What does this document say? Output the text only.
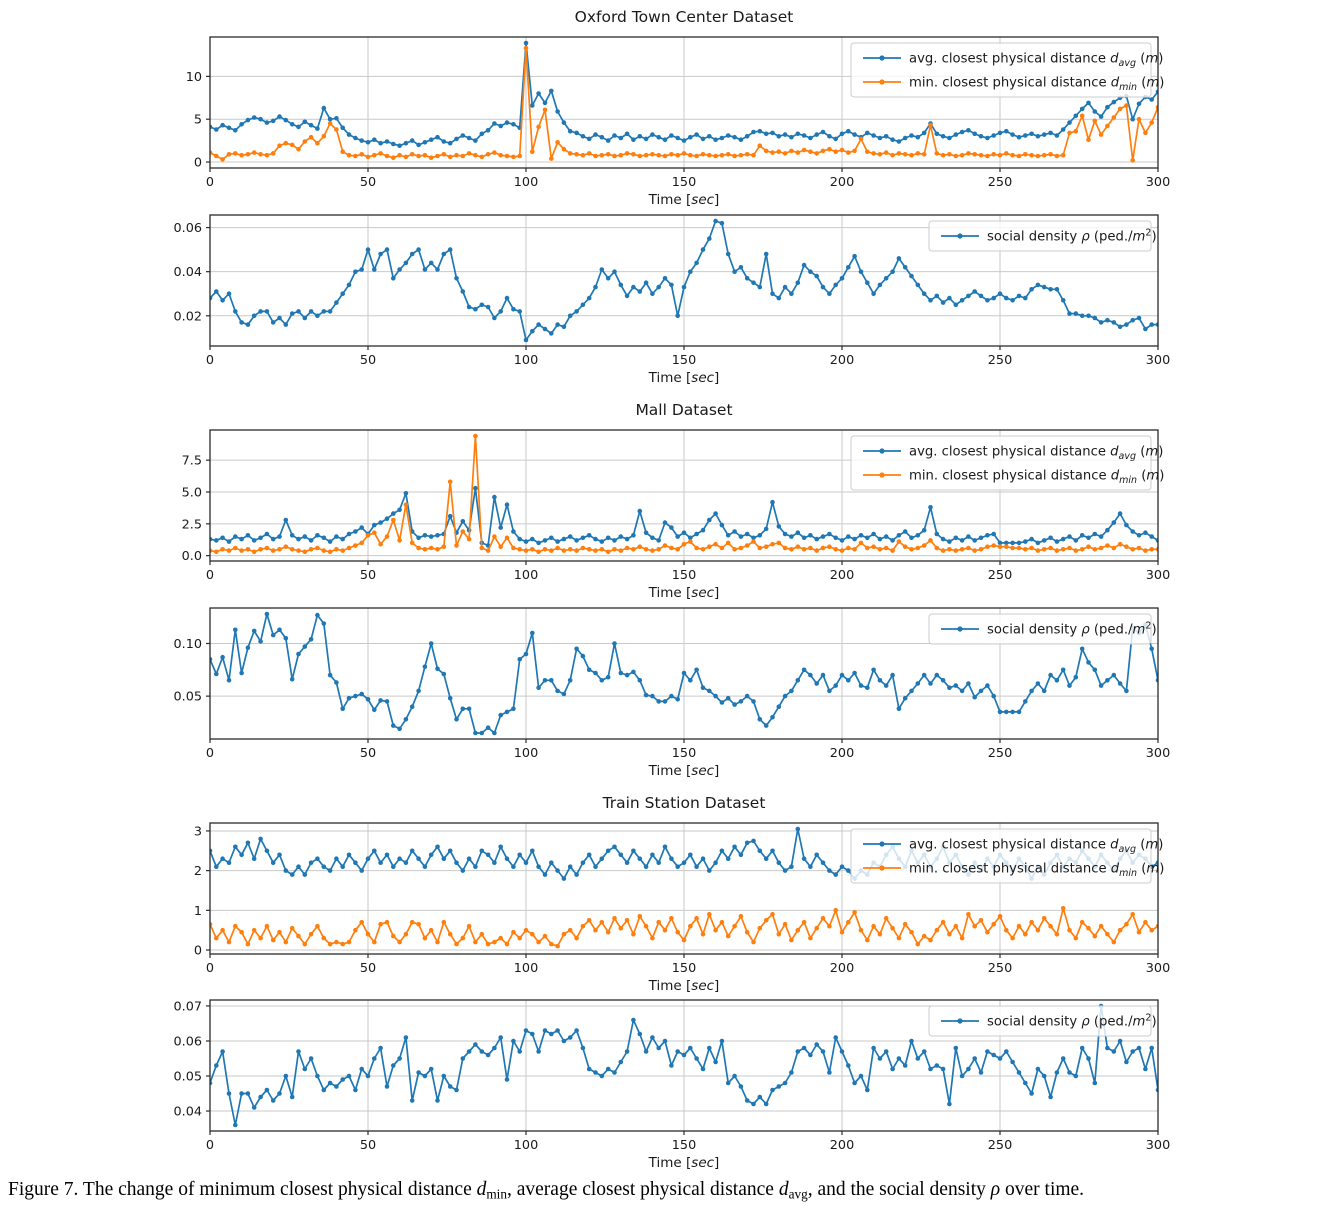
0	50	100	150	200	250	300
0
5
10
Time [sec]
Oxford Town Center Dataset
avg. closest physical distance $d_{avg}$ (m)
min. closest physical distance $d_{min}$ (m)
0	50	100	150	200	250	300
0.02
0.04
0.06
Time [sec]
social density ρ $(ped./m^2)$
0	50	100	150	200	250	300
0.0
2.5
5.0
7.5
Time [sec]
Mall Dataset
avg. closest physical distance $d_{avg}$ (m)
min. closest physical distance $d_{min}$ (m)
0	50	100	150	200	250	300
0.05
0.10
Time [sec]
social density ρ $(ped./m^2)$
0	50	100	150	200	250	300
0
1
2
3
Time [sec]
Train Station Dataset
avg. closest physical distance $d_{avg}$ (m)
min. closest physical distance $d_{min}$ (m)
0	50	100	150	200	250	300
0.04
0.05
0.06
0.07
Time [sec]
social density ρ $(ped./m^2)$

Figure 7. The change of minimum closest physical distance $d_{min}$, average closest physical distance $d_{avg}$, and the social density ρ over time.
